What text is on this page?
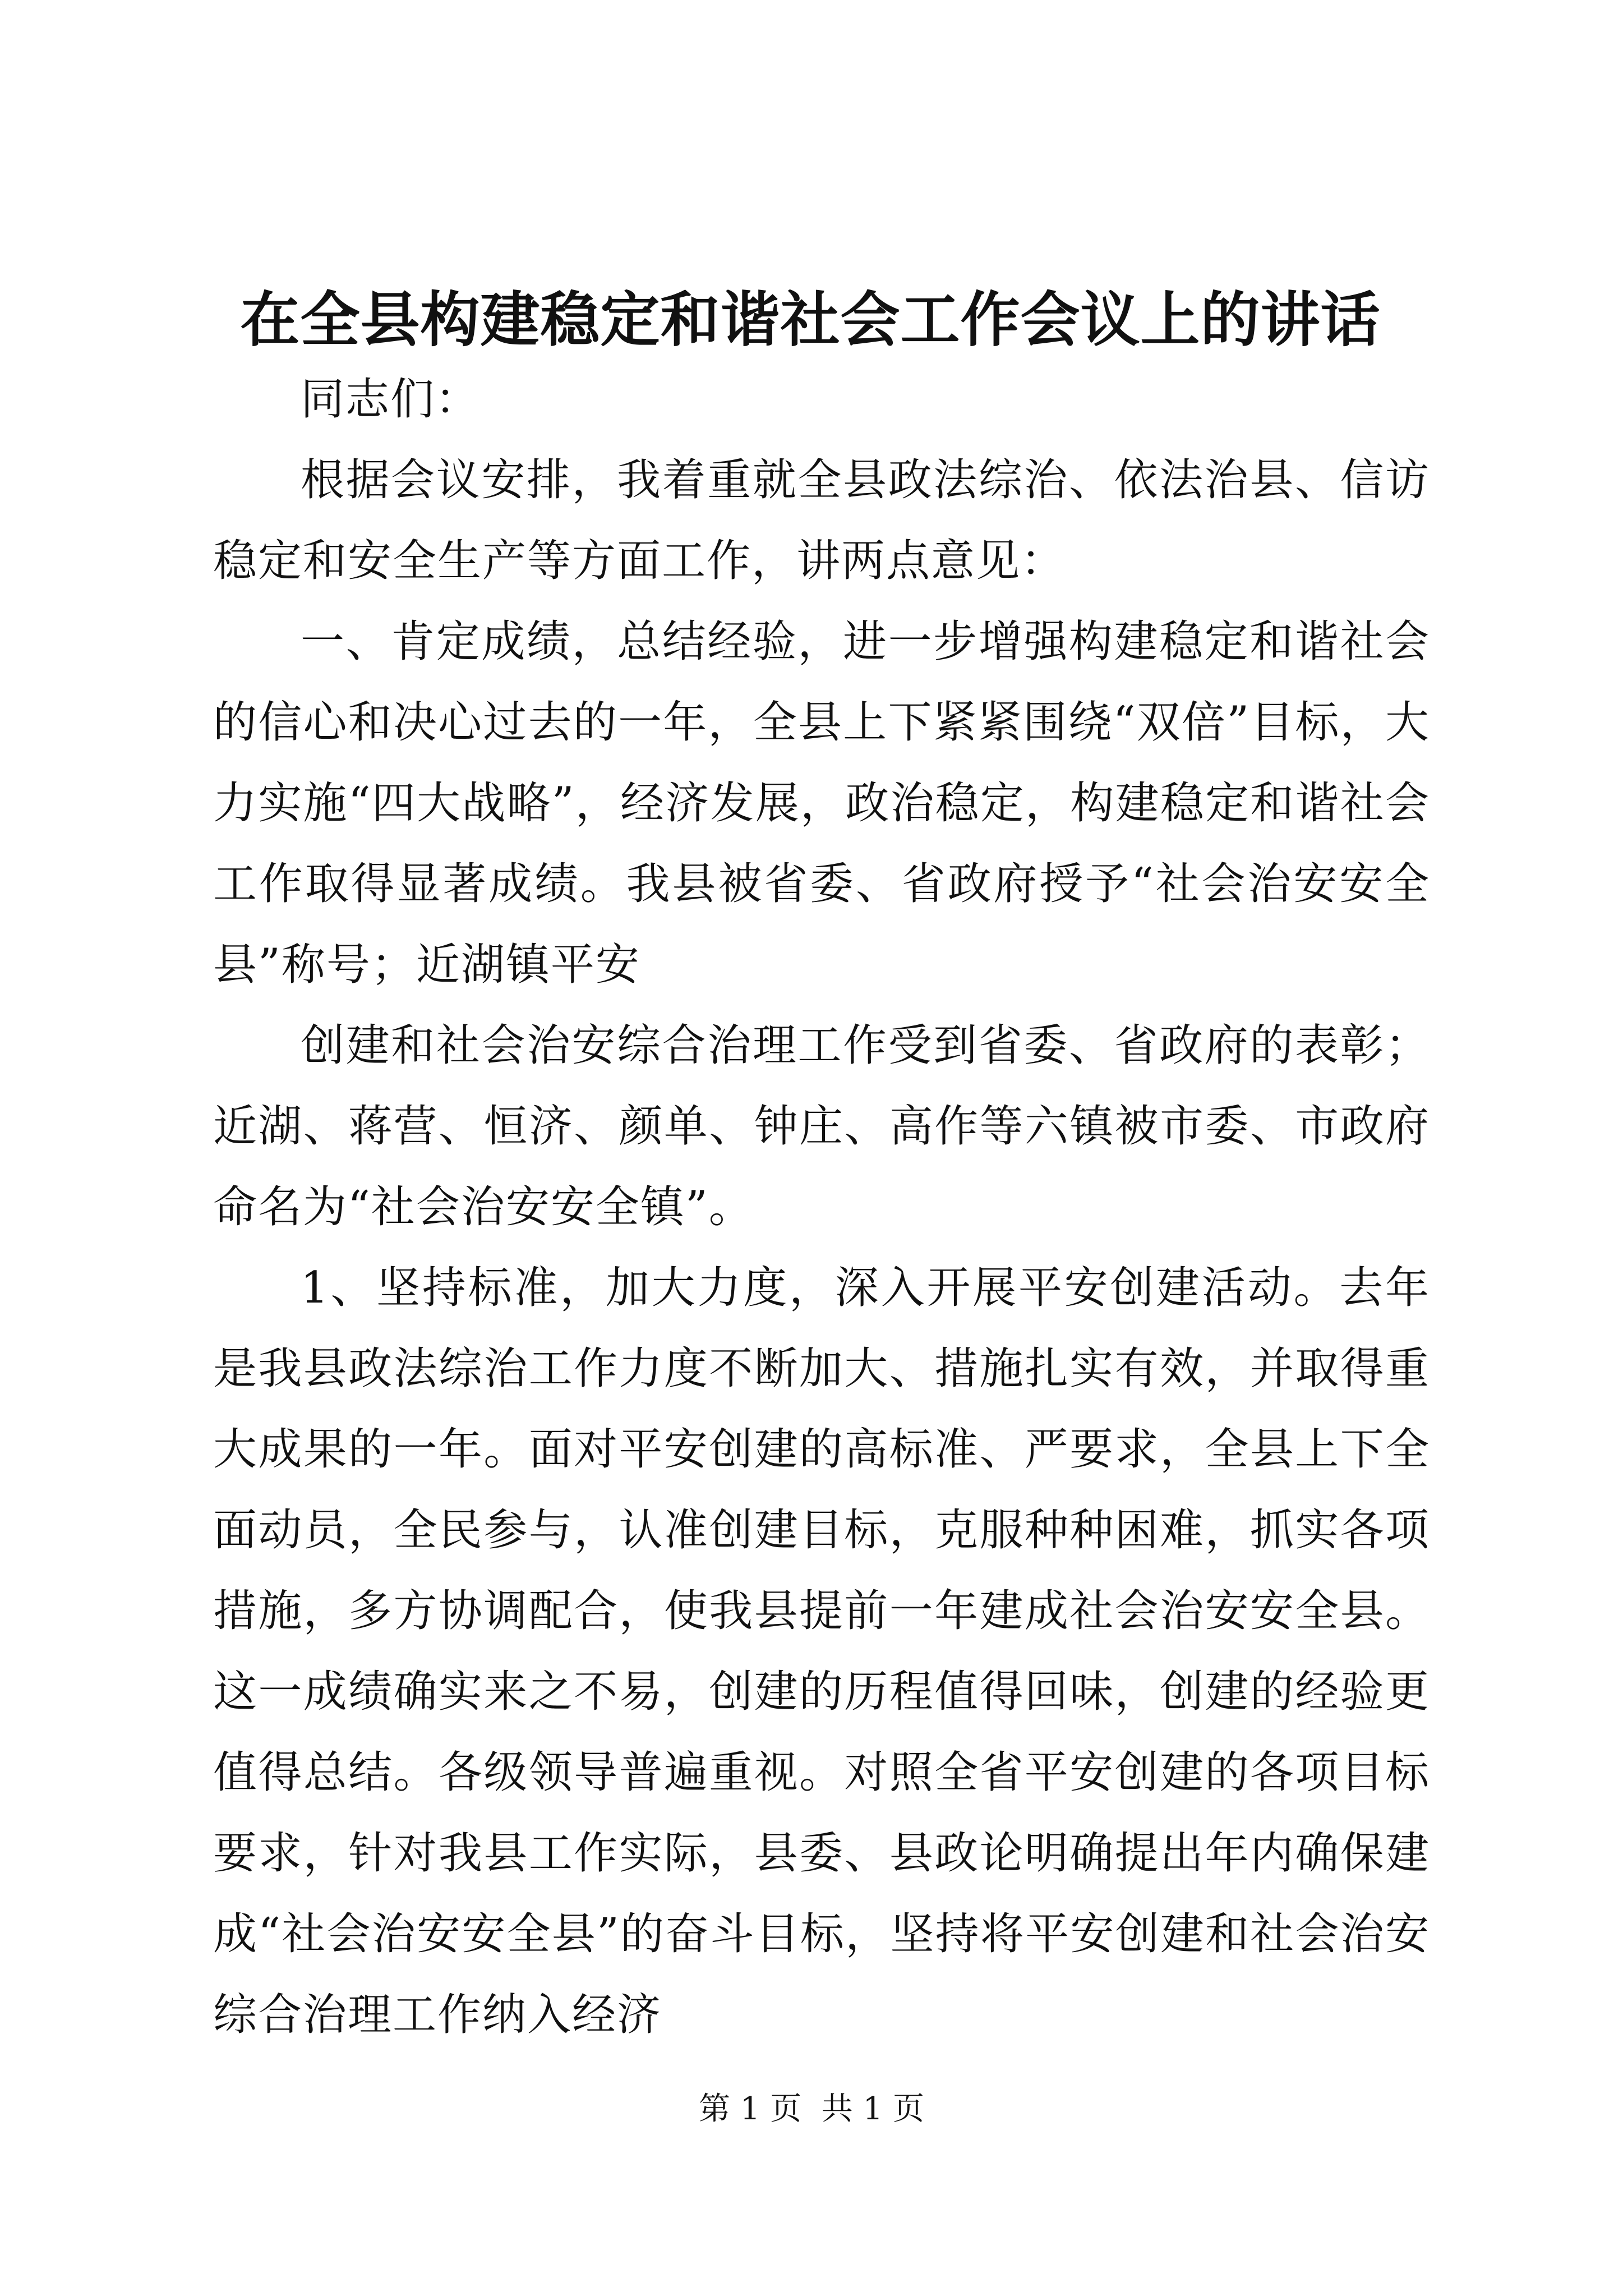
在全县构建稳定和谐社会工作会议上的讲话

同志们：

根据会议安排，我着重就全县政法综治、依法治县、信访稳定和安全生产等方面工作，讲两点意见：

一、肯定成绩，总结经验，进一步增强构建稳定和谐社会的信心和决心过去的一年，全县上下紧紧围绕“双倍”目标，大力实施“四大战略”，经济发展，政治稳定，构建稳定和谐社会工作取得显著成绩。我县被省委、省政府授予“社会治安安全县”称号；近湖镇平安

创建和社会治安综合治理工作受到省委、省政府的表彰；近湖、蒋营、恒济、颜单、钟庄、高作等六镇被市委、市政府命名为“社会治安安全镇”。

1、坚持标准，加大力度，深入开展平安创建活动。去年是我县政法综治工作力度不断加大、措施扎实有效，并取得重大成果的一年。面对平安创建的高标准、严要求，全县上下全面动员，全民参与，认准创建目标，克服种种困难，抓实各项措施，多方协调配合，使我县提前一年建成社会治安安全县。这一成绩确实来之不易，创建的历程值得回味，创建的经验更值得总结。各级领导普遍重视。对照全省平安创建的各项目标要求，针对我县工作实际，县委、县政论明确提出年内确保建成“社会治安安全县”的奋斗目标，坚持将平安创建和社会治安综合治理工作纳入经济

第 1 页  共 1 页
